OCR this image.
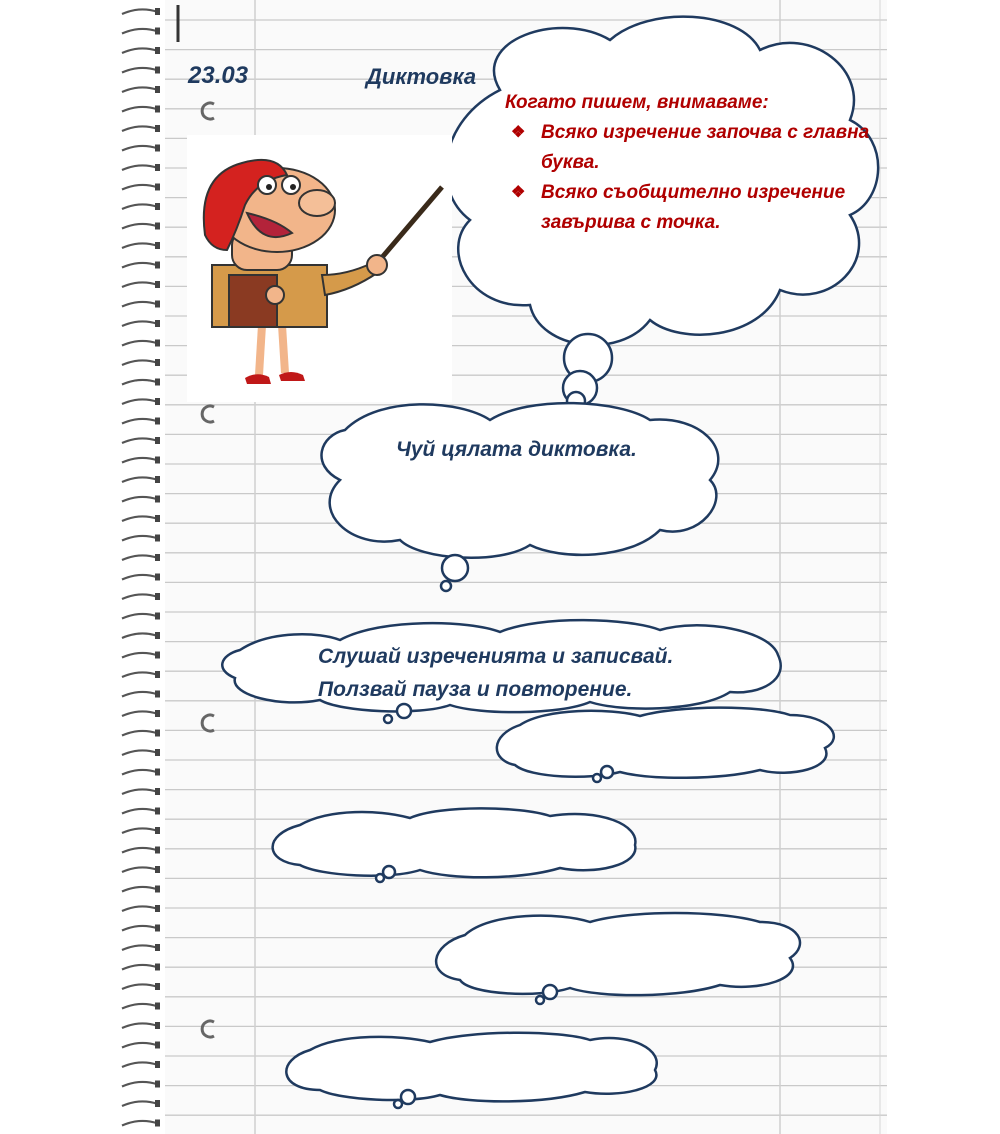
23.03	Диктовка
Когато пишем, внимаваме:
❖ Всяко изречение започва с главна буква.
❖ Всяко съобщително изречение завършва с точка.
Чуй цялата диктовка.
Слушай изреченията и записвай.
Ползвай пауза и повторение.
